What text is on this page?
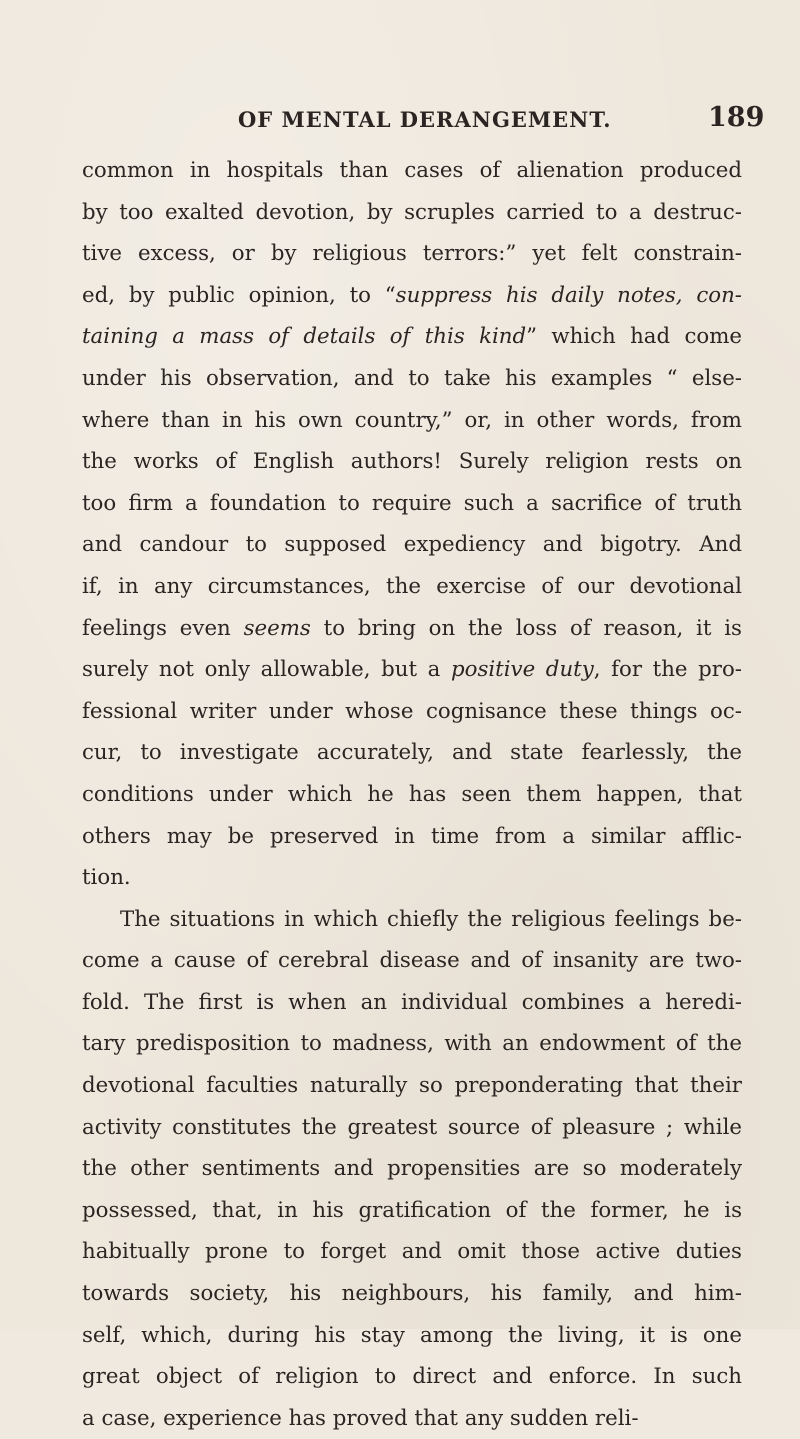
OF MENTAL DERANGEMENT.	189
common in hospitals than cases of alienation produced
by too exalted devotion, by scruples carried to a destruc-
tive excess, or by religious terrors:” yet felt constrain-
ed, by public opinion, to “suppress his daily notes, con-
taining a mass of details of this kind” which had come
under his observation, and to take his examples “ else-
where than in his own country,” or, in other words, from
the works of English authors! Surely religion rests on
too firm a foundation to require such a sacrifice of truth
and candour to supposed expediency and bigotry. And
if, in any circumstances, the exercise of our devotional
feelings even seems to bring on the loss of reason, it is
surely not only allowable, but a positive duty, for the pro-
fessional writer under whose cognisance these things oc-
cur, to investigate accurately, and state fearlessly, the
conditions under which he has seen them happen, that
others may be preserved in time from a similar afflic-
tion.
The situations in which chiefly the religious feelings be-
come a cause of cerebral disease and of insanity are two-
fold. The first is when an individual combines a heredi-
tary predisposition to madness, with an endowment of the
devotional faculties naturally so preponderating that their
activity constitutes the greatest source of pleasure ; while
the other sentiments and propensities are so moderately
possessed, that, in his gratification of the former, he is
habitually prone to forget and omit those active duties
towards society, his neighbours, his family, and him-
self, which, during his stay among the living, it is one
great object of religion to direct and enforce. In such
a case, experience has proved that any sudden reli-
